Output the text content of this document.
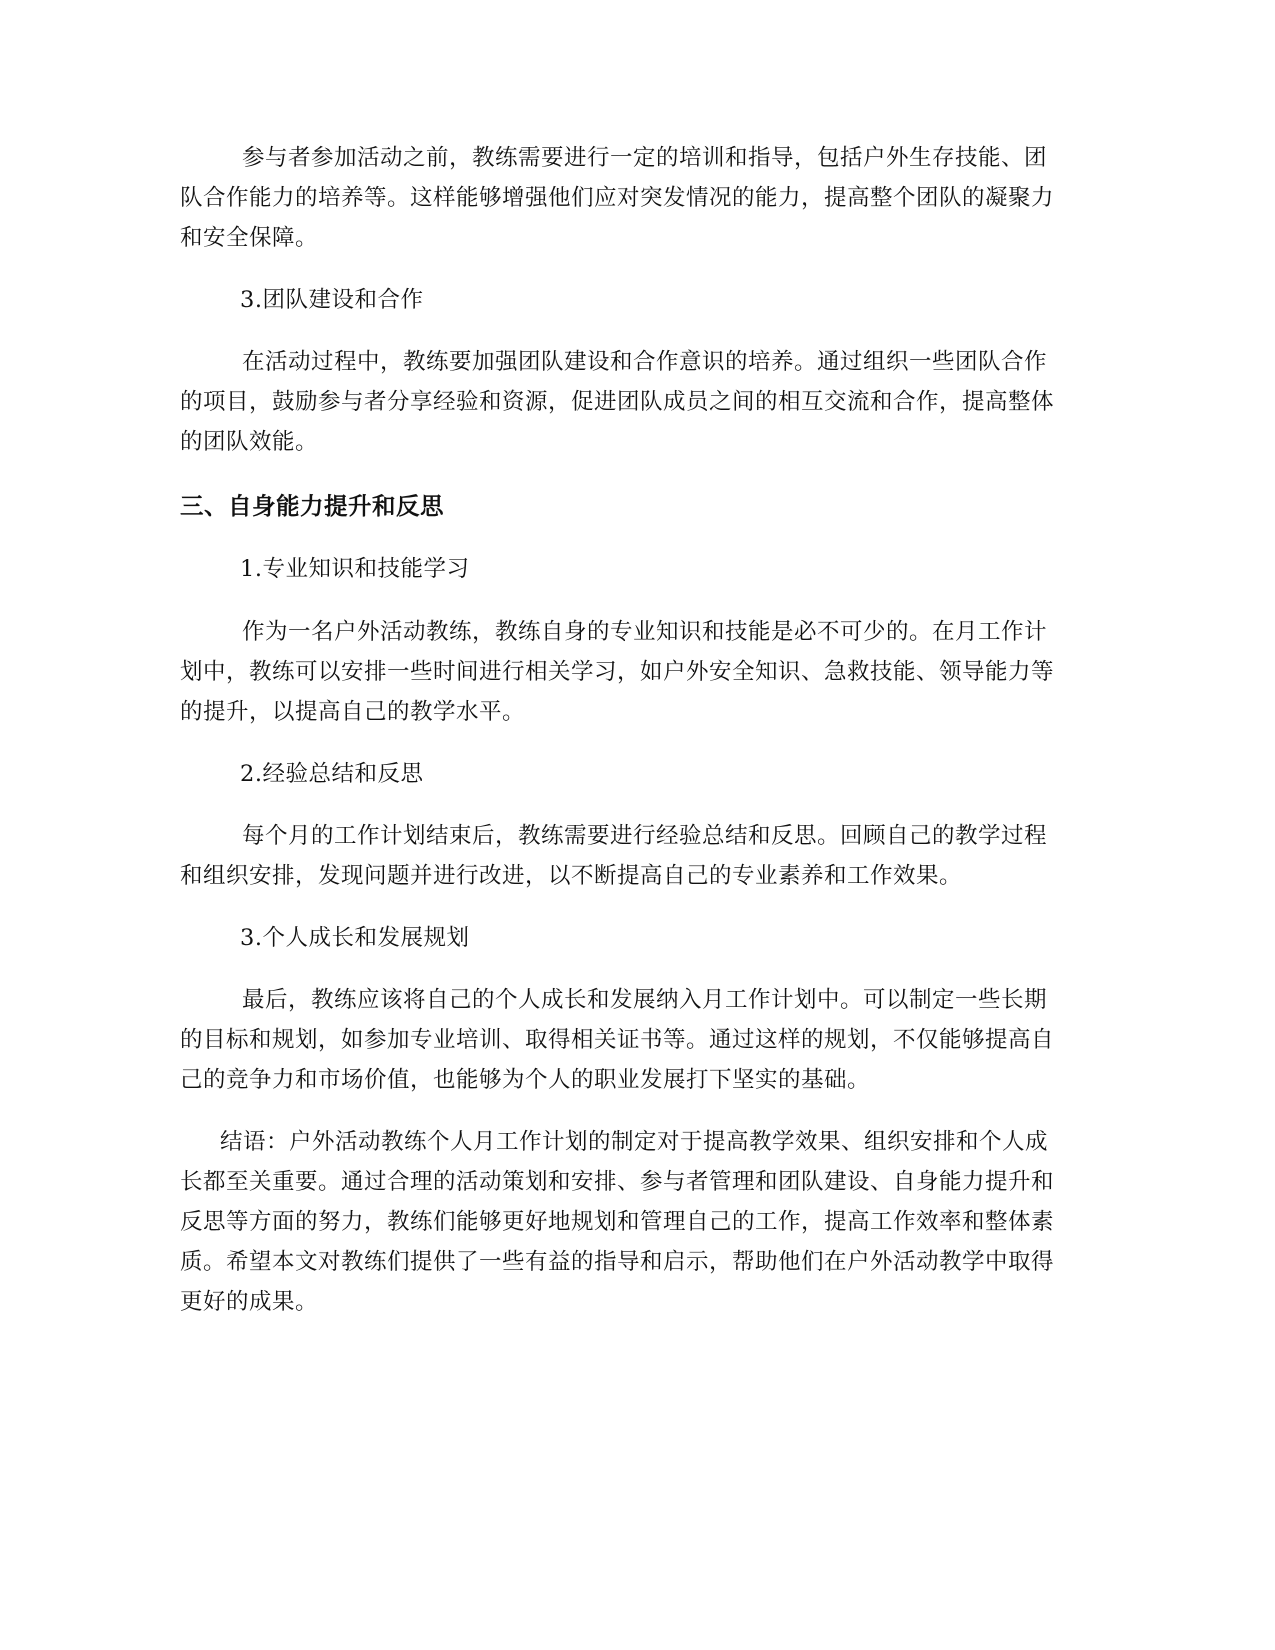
参与者参加活动之前，教练需要进行一定的培训和指导，包括户外生存技能、团队合作能力的培养等。这样能够增强他们应对突发情况的能力，提高整个团队的凝聚力和安全保障。

3.团队建设和合作

在活动过程中，教练要加强团队建设和合作意识的培养。通过组织一些团队合作的项目，鼓励参与者分享经验和资源，促进团队成员之间的相互交流和合作，提高整体的团队效能。

三、自身能力提升和反思

1.专业知识和技能学习

作为一名户外活动教练，教练自身的专业知识和技能是必不可少的。在月工作计划中，教练可以安排一些时间进行相关学习，如户外安全知识、急救技能、领导能力等的提升，以提高自己的教学水平。

2.经验总结和反思

每个月的工作计划结束后，教练需要进行经验总结和反思。回顾自己的教学过程和组织安排，发现问题并进行改进，以不断提高自己的专业素养和工作效果。

3.个人成长和发展规划

最后，教练应该将自己的个人成长和发展纳入月工作计划中。可以制定一些长期的目标和规划，如参加专业培训、取得相关证书等。通过这样的规划，不仅能够提高自己的竞争力和市场价值，也能够为个人的职业发展打下坚实的基础。

结语：户外活动教练个人月工作计划的制定对于提高教学效果、组织安排和个人成长都至关重要。通过合理的活动策划和安排、参与者管理和团队建设、自身能力提升和反思等方面的努力，教练们能够更好地规划和管理自己的工作，提高工作效率和整体素质。希望本文对教练们提供了一些有益的指导和启示，帮助他们在户外活动教学中取得更好的成果。
